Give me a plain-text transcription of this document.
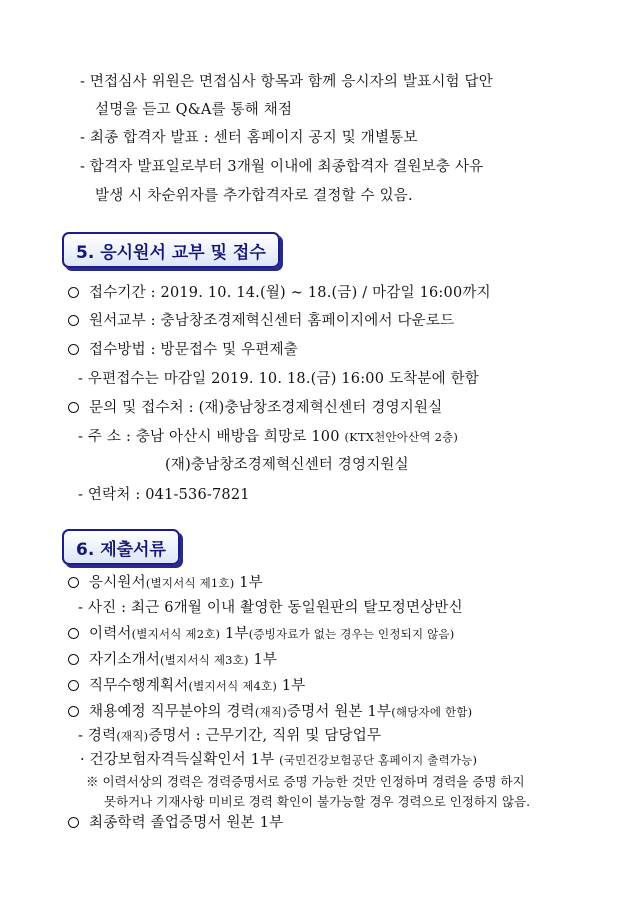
- 면접심사 위원은 면접심사 항목과 함께 응시자의 발표시험 답안
설명을 듣고 Q&A를 통해 채점
- 최종 합격자 발표 : 센터 홈페이지 공지 및 개별통보
- 합격자 발표일로부터 3개월 이내에 최종합격자 결원보충 사유
발생 시 차순위자를 추가합격자로 결정할 수 있음.
5. 응시원서 교부 및 접수
접수기간 : 2019. 10. 14.(월) ~ 18.(금) / 마감일 16:00까지
원서교부 : 충남창조경제혁신센터 홈페이지에서 다운로드
접수방법 : 방문접수 및 우편제출
- 우편접수는 마감일 2019. 10. 18.(금) 16:00 도착분에 한함
문의 및 접수처 : (재)충남창조경제혁신센터 경영지원실
- 주 소 : 충남 아산시 배방읍 희망로 100 (KTX천안아산역 2층)
(재)충남창조경제혁신센터 경영지원실
- 연락처 : 041-536-7821
6. 제출서류
응시원서(별지서식 제1호) 1부
- 사진 : 최근 6개월 이내 촬영한 동일원판의 탈모정면상반신
이력서(별지서식 제2호) 1부(증빙자료가 없는 경우는 인정되지 않음)
자기소개서(별지서식 제3호) 1부
직무수행계획서(별지서식 제4호) 1부
채용예정 직무분야의 경력(재직)증명서 원본 1부(해당자에 한함)
- 경력(재직)증명서 : 근무기간, 직위 및 담당업무
· 건강보험자격득실확인서 1부 (국민건강보험공단 홈페이지 출력가능)
※ 이력서상의 경력은 경력증명서로 증명 가능한 것만 인정하며 경력을 증명 하지
못하거나 기재사항 미비로 경력 확인이 불가능할 경우 경력으로 인정하지 않음.
최종학력 졸업증명서 원본 1부
